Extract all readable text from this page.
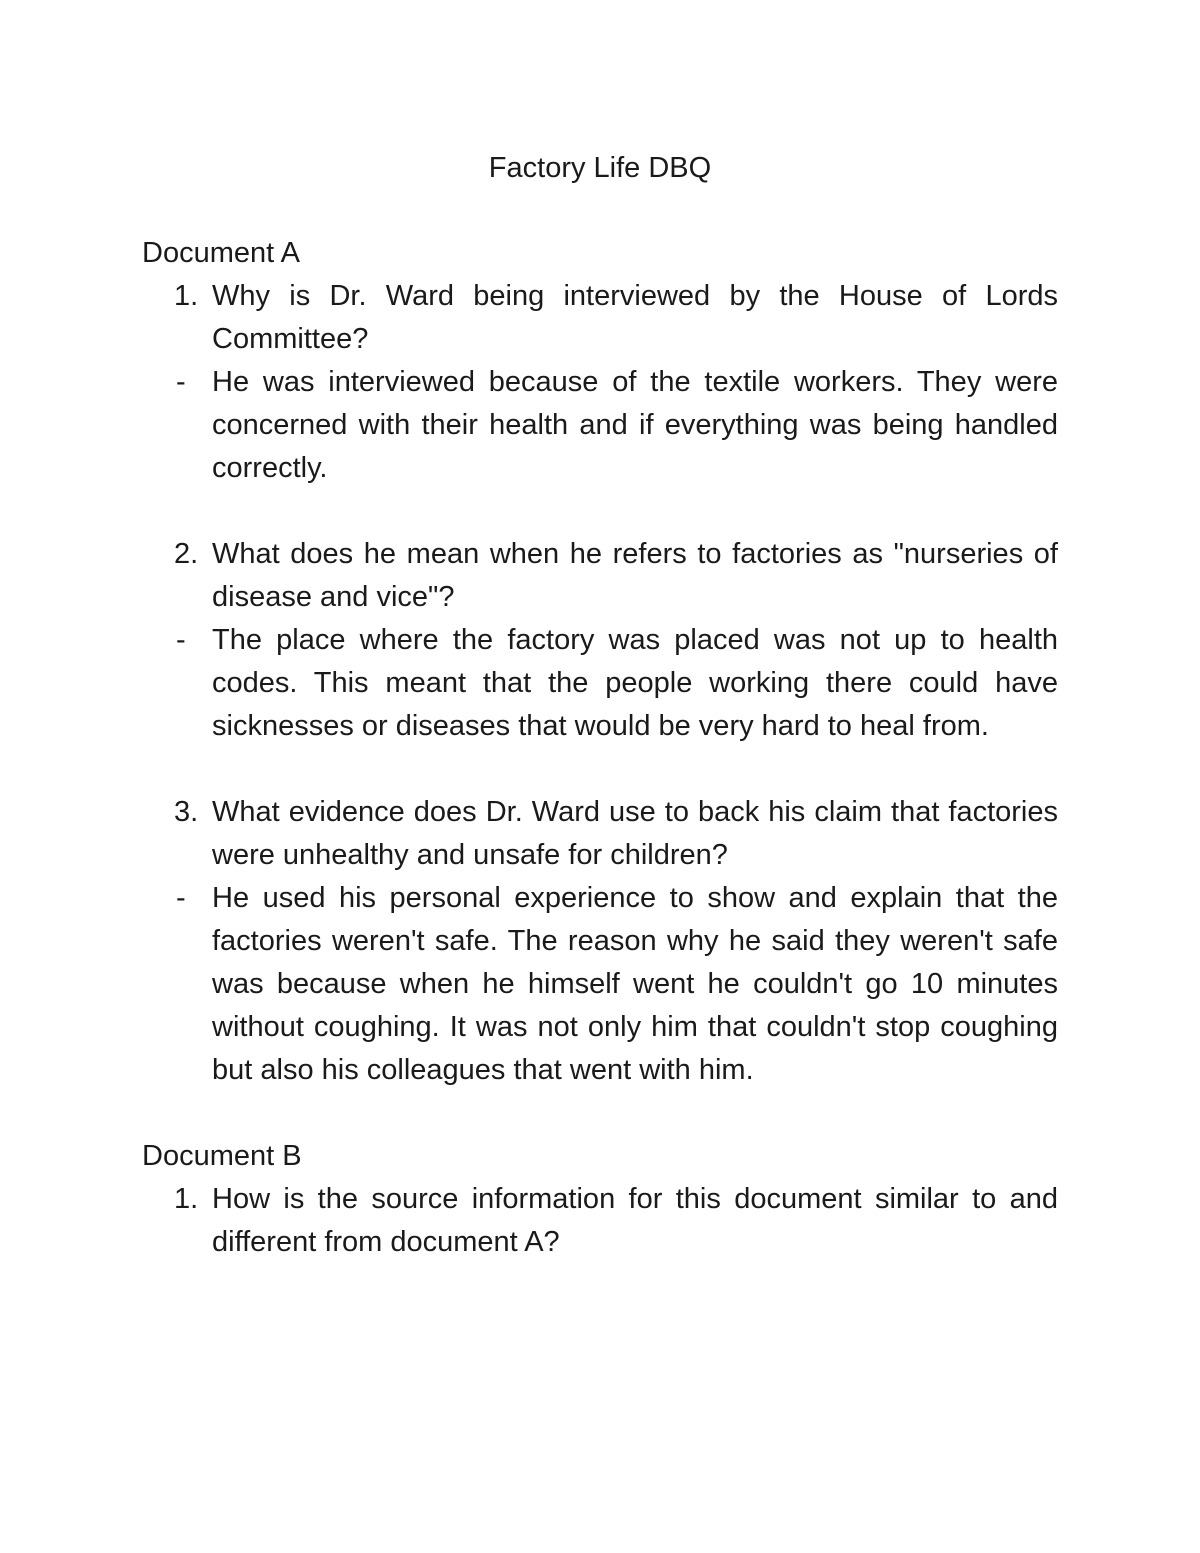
Factory Life DBQ
Document A
1. Why is Dr. Ward being interviewed by the House of Lords Committee?
- He was interviewed because of the textile workers. They were concerned with their health and if everything was being handled correctly.
2. What does he mean when he refers to factories as "nurseries of disease and vice"?
- The place where the factory was placed was not up to health codes. This meant that the people working there could have sicknesses or diseases that would be very hard to heal from.
3. What evidence does Dr. Ward use to back his claim that factories were unhealthy and unsafe for children?
- He used his personal experience to show and explain that the factories weren't safe. The reason why he said they weren't safe was because when he himself went he couldn't go 10 minutes without coughing. It was not only him that couldn't stop coughing but also his colleagues that went with him.
Document B
1. How is the source information for this document similar to and different from document A?
